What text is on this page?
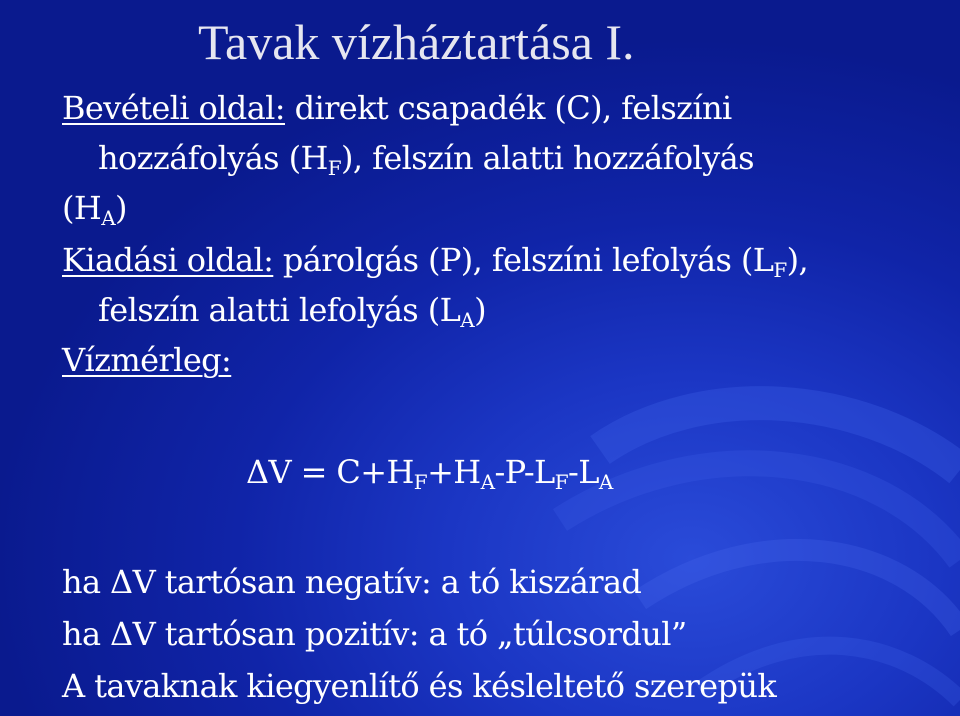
Tavak vízháztartása I.
Bevételi oldal: direkt csapadék (C), felszíni
hozzáfolyás $(H_F)$, felszín alatti hozzáfolyás
$(H_A)$
Kiadási oldal: párolgás (P), felszíni lefolyás $(L_F)$,
felszín alatti lefolyás $(L_A)$
Vízmérleg:
$\Delta V = C+H_F+H_A-P-L_F-L_A$
ha ΔV tartósan negatív: a tó kiszárad
ha ΔV tartósan pozitív: a tó „túlcsordul”
A tavaknak kiegyenlítő és késleltető szerepük
